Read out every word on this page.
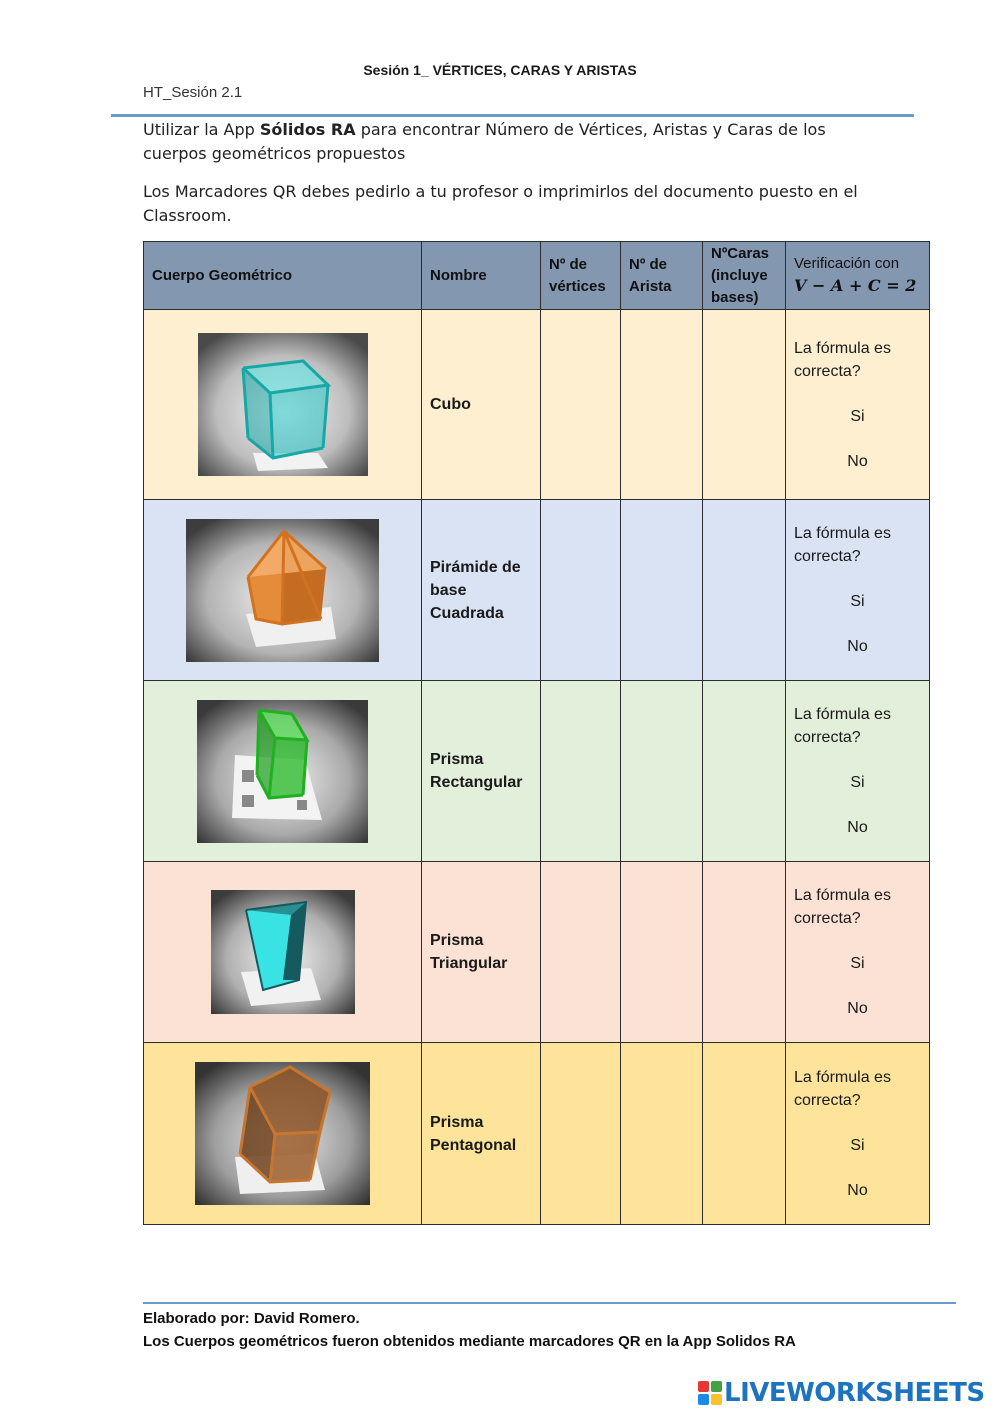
Sesión 1_ VÉRTICES, CARAS Y ARISTAS
HT_Sesión 2.1
Utilizar la App Sólidos RA para encontrar Número de Vértices, Aristas y Caras de los cuerpos geométricos propuestos
Los Marcadores QR debes pedirlo a tu profesor o imprimirlos del documento puesto en el Classroom.
Cuerpo Geométrico	Nombre	Nº de vértices	Nº de Arista	NºCaras (incluye bases)	Verificación con
V − A + C = 2

	Cubo				La fórmula es correcta?
Si
No

	Pirámide de base Cuadrada				La fórmula es correcta?
Si
No

	Prisma Rectangular				La fórmula es correcta?
Si
No

	Prisma Triangular				La fórmula es correcta?
Si
No

	Prisma Pentagonal				La fórmula es correcta?
Si
No
Elaborado por: David Romero.
Los Cuerpos geométricos fueron obtenidos mediante marcadores QR en la App Solidos RA
LIVEWORKSHEETS
